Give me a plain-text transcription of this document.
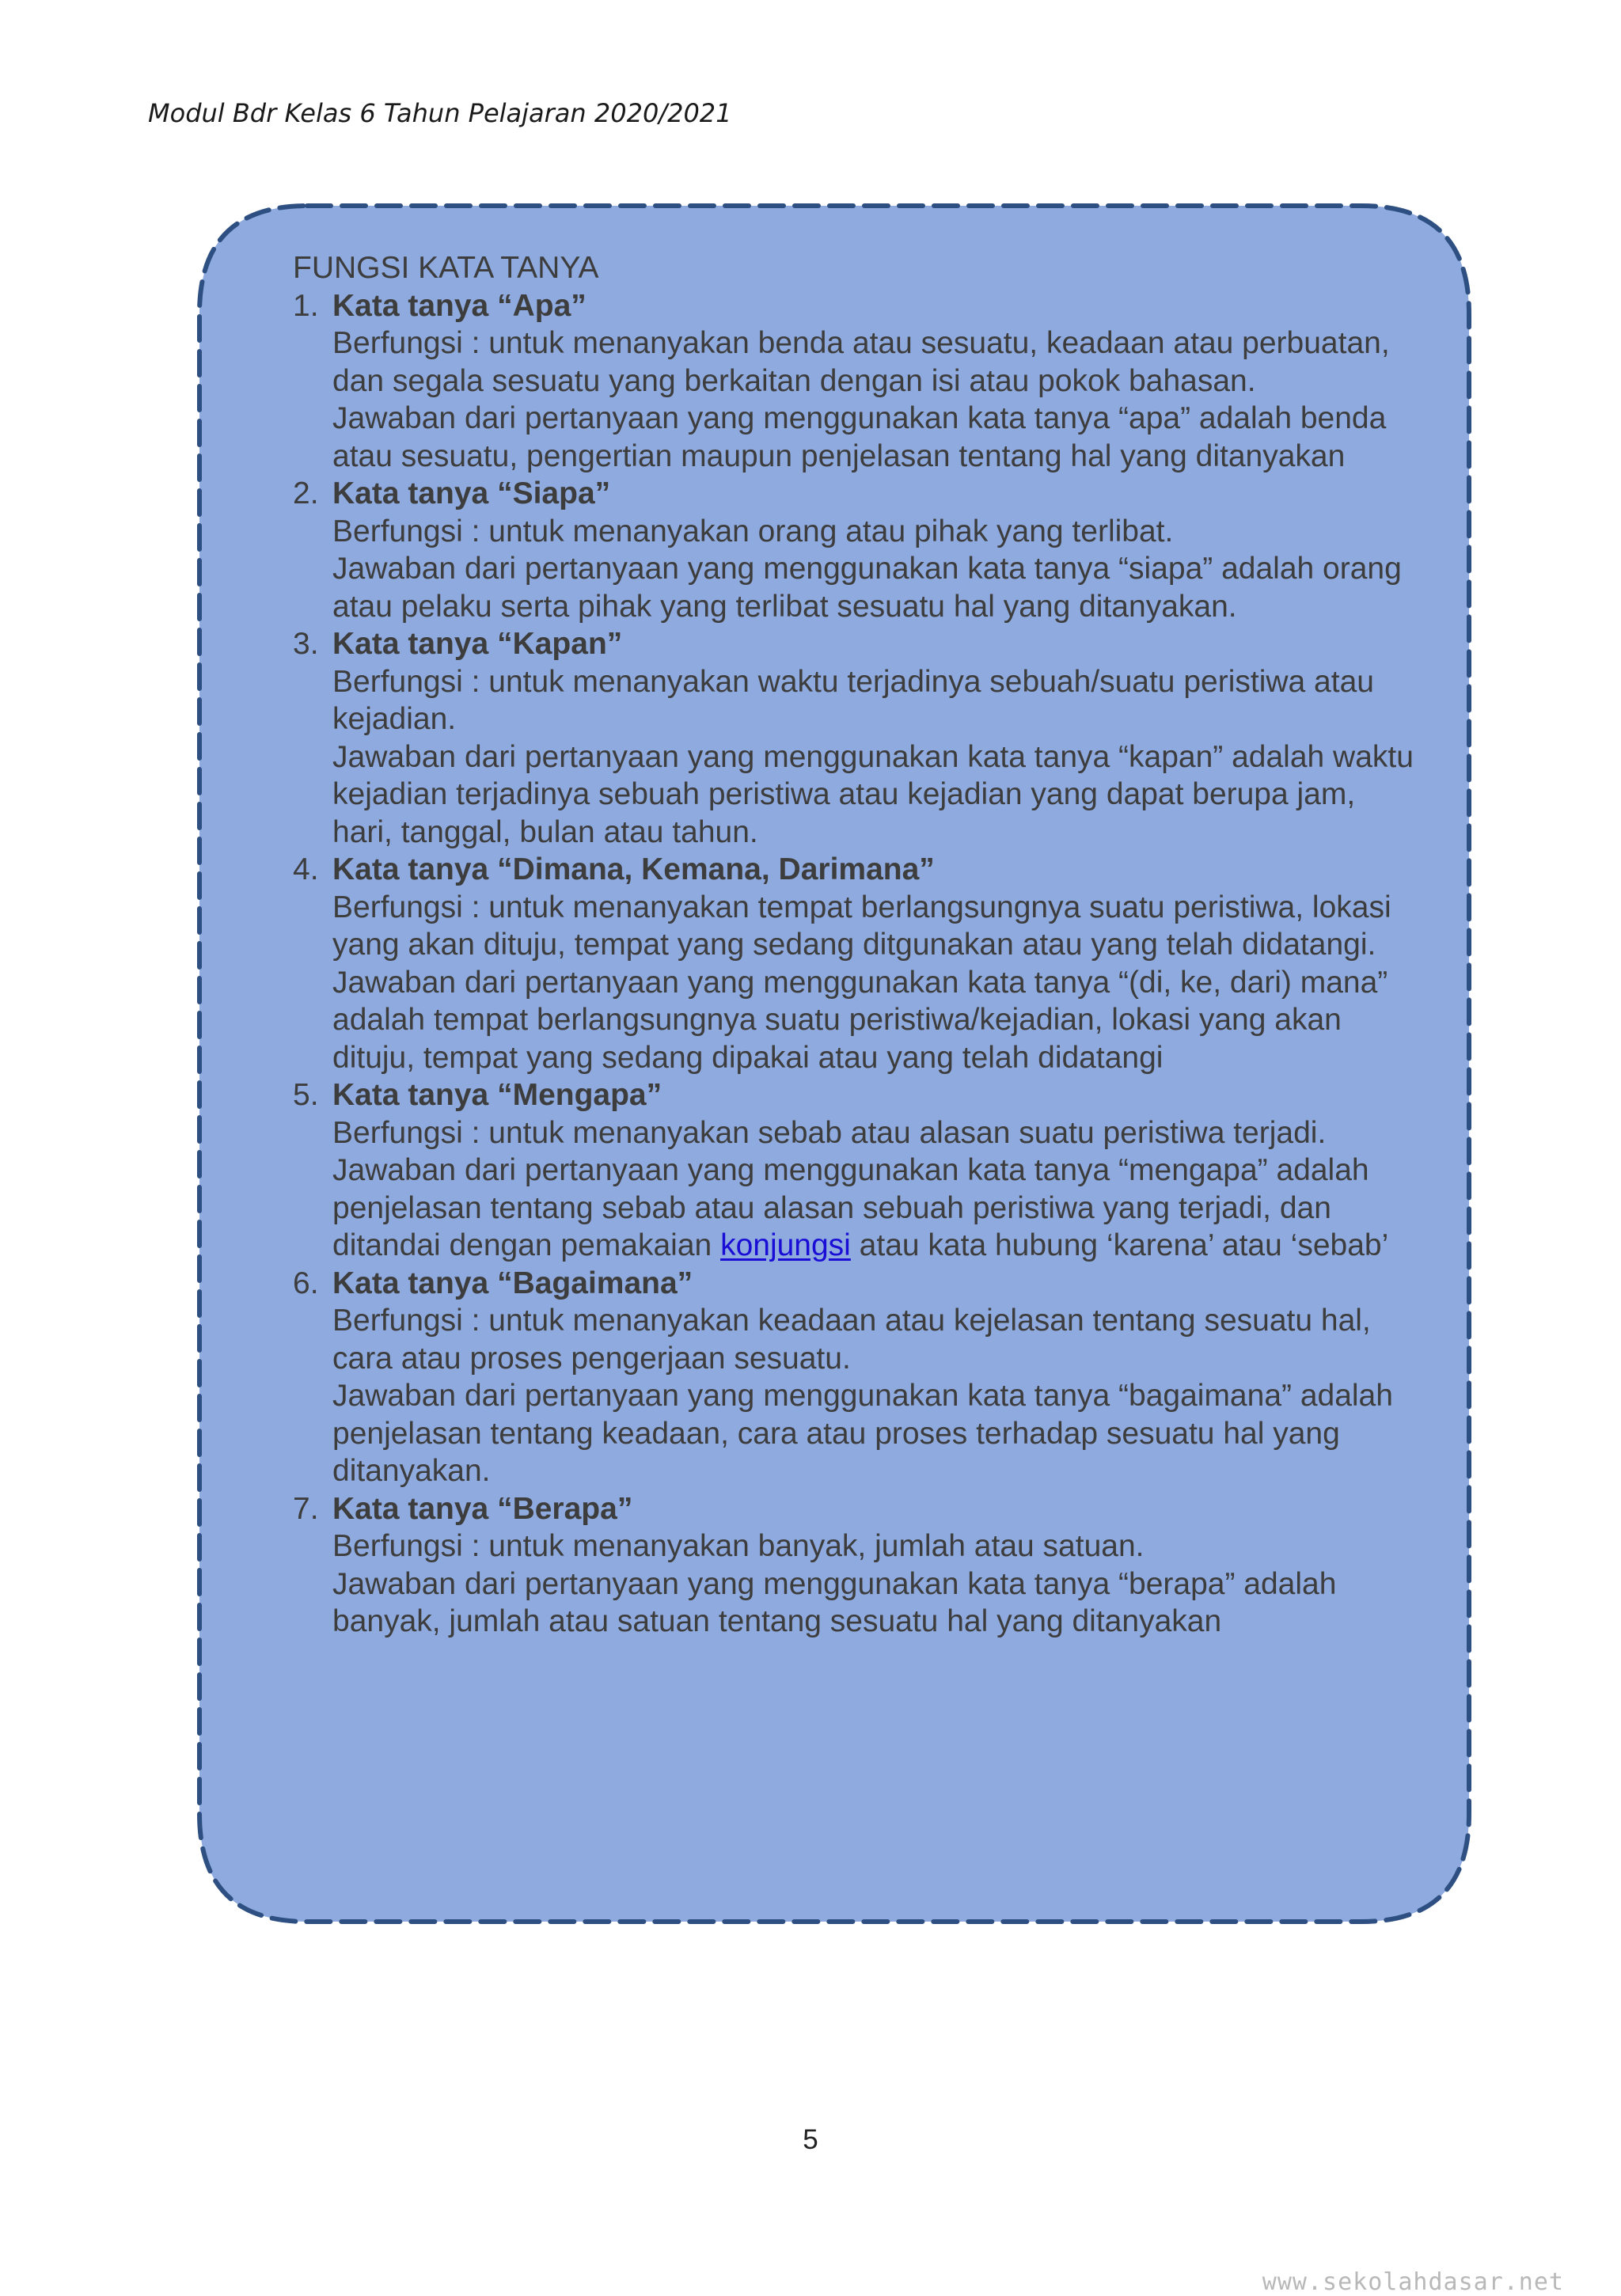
Modul Bdr Kelas 6 Tahun Pelajaran 2020/2021
FUNGSI KATA TANYA
1. Kata tanya “Apa”
Berfungsi : untuk menanyakan benda atau sesuatu, keadaan atau perbuatan, dan segala sesuatu yang berkaitan dengan isi atau pokok bahasan.
Jawaban dari pertanyaan yang menggunakan kata tanya “apa” adalah benda atau sesuatu, pengertian maupun penjelasan tentang hal yang ditanyakan
2. Kata tanya “Siapa”
Berfungsi : untuk menanyakan orang atau pihak yang terlibat.
Jawaban dari pertanyaan yang menggunakan kata tanya “siapa” adalah orang atau pelaku serta pihak yang terlibat sesuatu hal yang ditanyakan.
3. Kata tanya “Kapan”
Berfungsi : untuk menanyakan waktu terjadinya sebuah/suatu peristiwa atau kejadian.
Jawaban dari pertanyaan yang menggunakan kata tanya “kapan” adalah waktu kejadian terjadinya sebuah peristiwa atau kejadian yang dapat berupa jam, hari, tanggal, bulan atau tahun.
4. Kata tanya “Dimana, Kemana, Darimana”
Berfungsi : untuk menanyakan tempat berlangsungnya suatu peristiwa, lokasi yang akan dituju, tempat yang sedang ditgunakan atau yang telah didatangi.
Jawaban dari pertanyaan yang menggunakan kata tanya “(di, ke, dari) mana” adalah tempat berlangsungnya suatu peristiwa/kejadian, lokasi yang akan dituju, tempat yang sedang dipakai atau yang telah didatangi
5. Kata tanya “Mengapa”
Berfungsi : untuk menanyakan sebab atau alasan suatu peristiwa terjadi.
Jawaban dari pertanyaan yang menggunakan kata tanya “mengapa” adalah penjelasan tentang sebab atau alasan sebuah peristiwa yang terjadi, dan ditandai dengan pemakaian konjungsi atau kata hubung ‘karena’ atau ‘sebab’
6. Kata tanya “Bagaimana”
Berfungsi : untuk menanyakan keadaan atau kejelasan tentang sesuatu hal, cara atau proses pengerjaan sesuatu.
Jawaban dari pertanyaan yang menggunakan kata tanya “bagaimana” adalah penjelasan tentang keadaan, cara atau proses terhadap sesuatu hal yang ditanyakan.
7. Kata tanya “Berapa”
Berfungsi : untuk menanyakan banyak, jumlah atau satuan.
Jawaban dari pertanyaan yang menggunakan kata tanya “berapa” adalah banyak, jumlah atau satuan tentang sesuatu hal yang ditanyakan
5
www.sekolahdasar.net
